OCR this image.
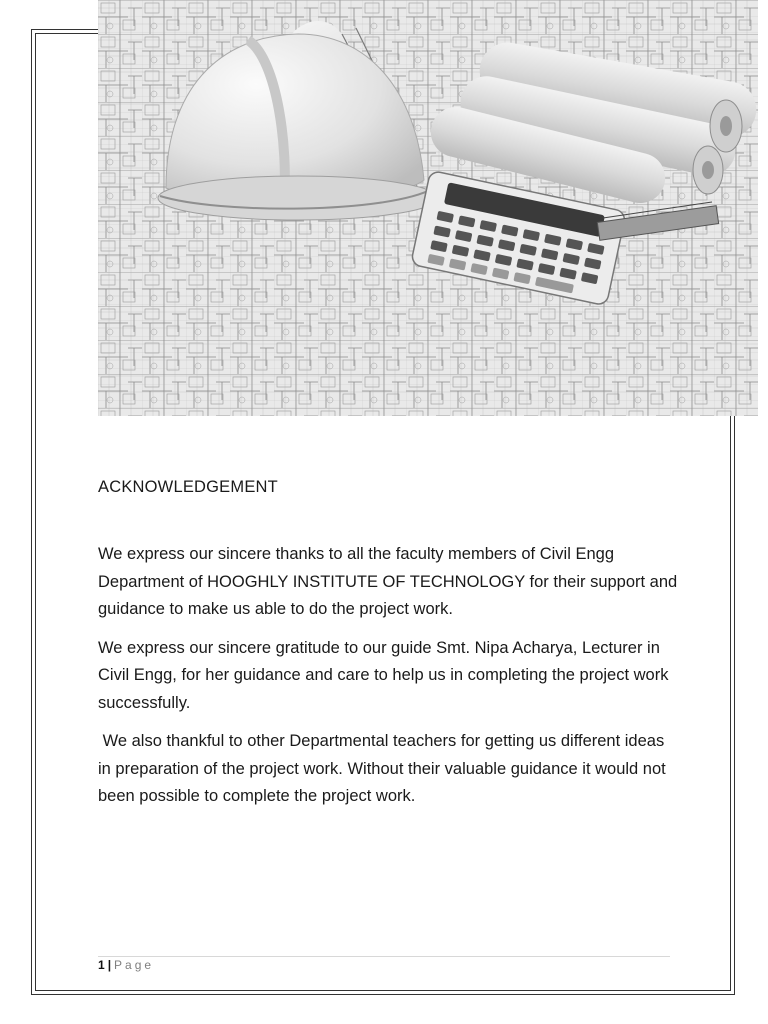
ACKNOWLEDGEMENT

We express our sincere thanks to all the faculty members of Civil Engg Department of HOOGHLY INSTITUTE OF TECHNOLOGY for their support and guidance to make us able to do the project work.

We express our sincere gratitude to our guide Smt. Nipa Acharya, Lecturer in Civil Engg, for her guidance and care to help us in completing the project work successfully.

We also thankful to other Departmental teachers for getting us different ideas in preparation of the project work. Without their valuable guidance it would not been possible to complete the project work.

1 | Page
